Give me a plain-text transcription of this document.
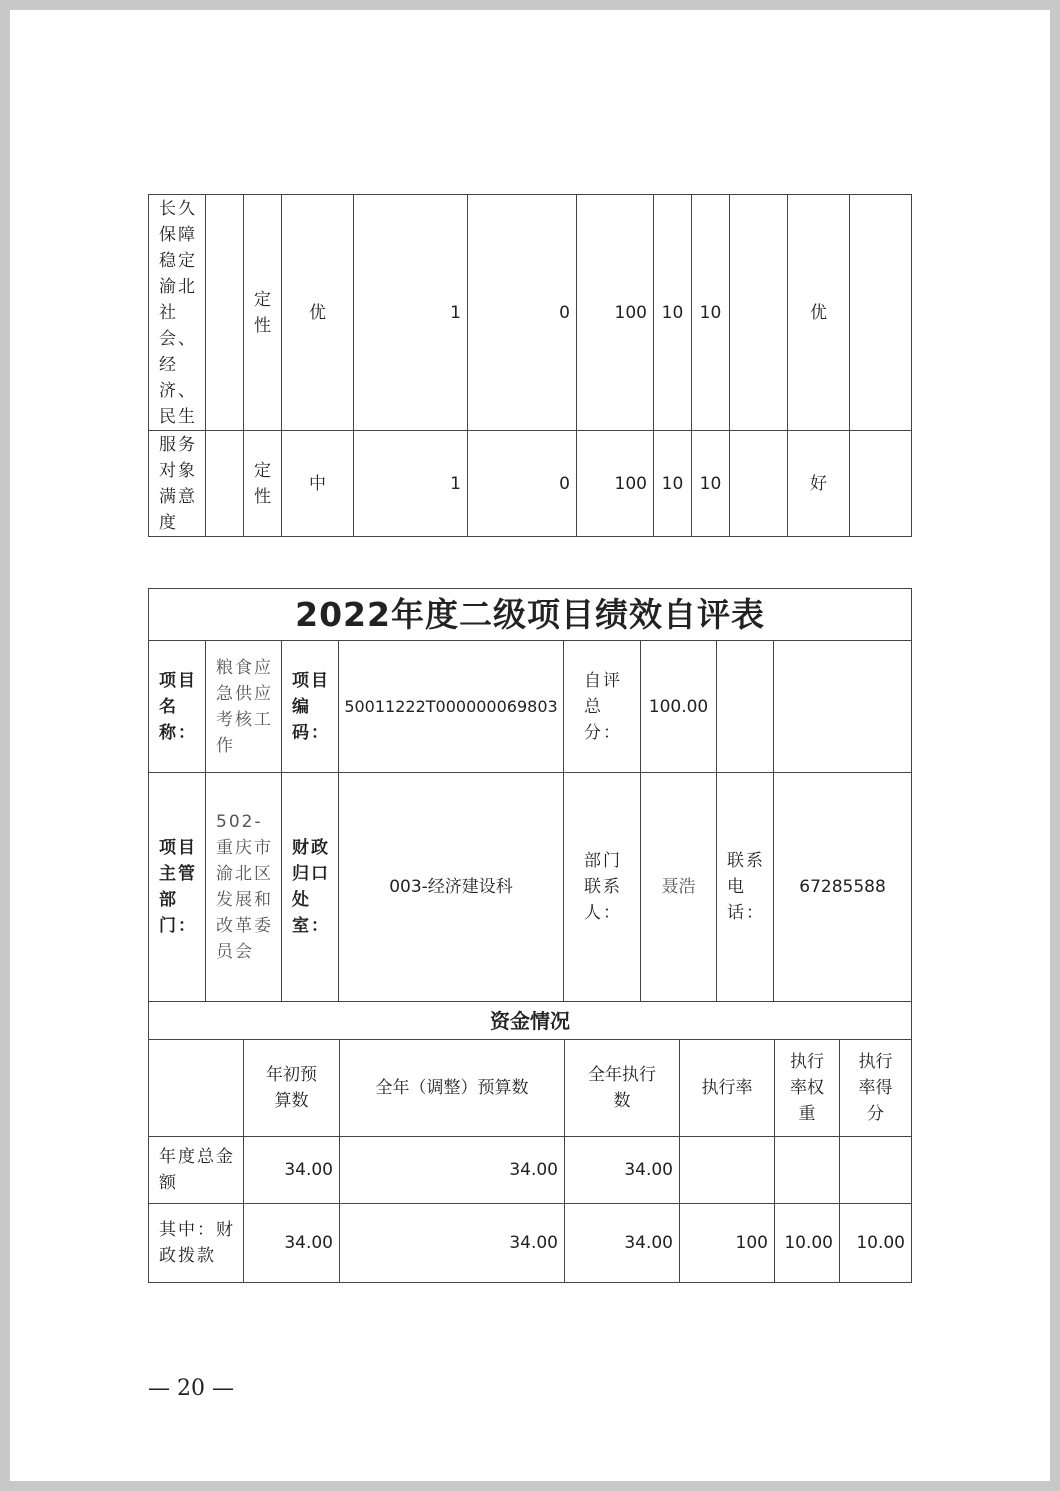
长久保障稳定渝北社会、经济、民生		定性	优	1	0	100	10	10		优	
服务对象满意度		定性	中	1	0	100	10	10		好	
2022年度二级项目绩效自评表							
项目名称：	粮食应急供应考核工作	项目编码：	50011222T000000069803	自评总分：	100.00		
项目主管部门：	502-重庆市渝北区发展和改革委员会	财政归口处室：	003-经济建设科	部门联系人：	聂浩	联系电话：	67285588
资金情况							
	年初预算数	全年（调整）预算数	全年执行数	执行率	执行率权重	执行率得分
年度总金额	34.00	34.00	34.00			
其中：财政拨款	34.00	34.00	34.00	100	10.00	10.00
— 20 —
